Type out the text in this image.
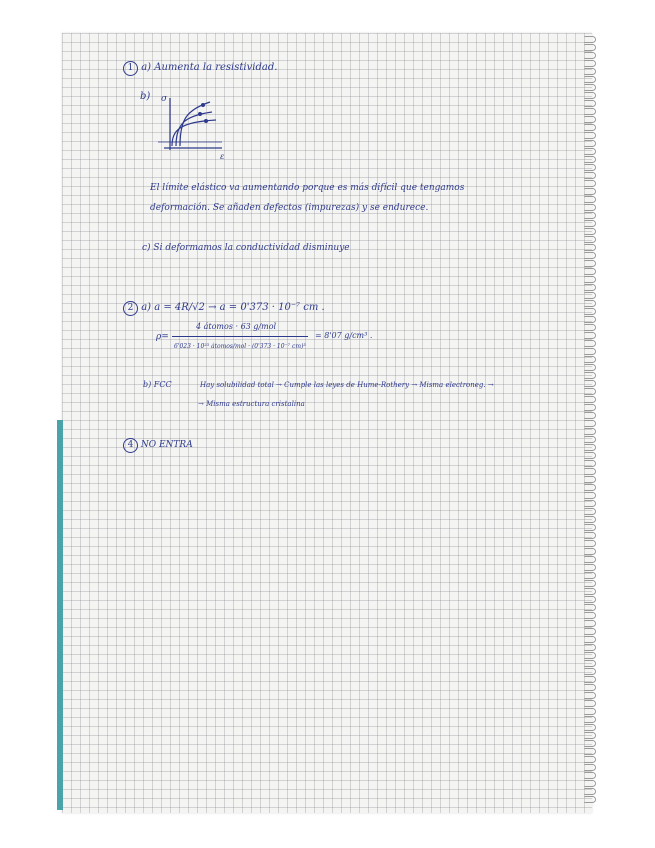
1 a) Aumenta la resistividad.
b) σ
ε
El límite elástico va aumentando porque es más difícil que tengamos
deformación. Se añaden defectos (impurezas) y se endurece.
c) Si deformamos la conductividad disminuye
2 a) a = 4R/√2 → a = 0'373 · 10⁻⁷ cm .
ρ=
4 átomos · 63 g/mol
6'023 · 10²³ átomos/mol · (0'373 · 10⁻⁷ cm)³
= 8'07 g/cm³ .
b) FCC	Hay solubilidad total → Cumple las leyes de Hume-Rothery → Misma electroneg. →
→ Misma estructura cristalina
4 NO ENTRA
